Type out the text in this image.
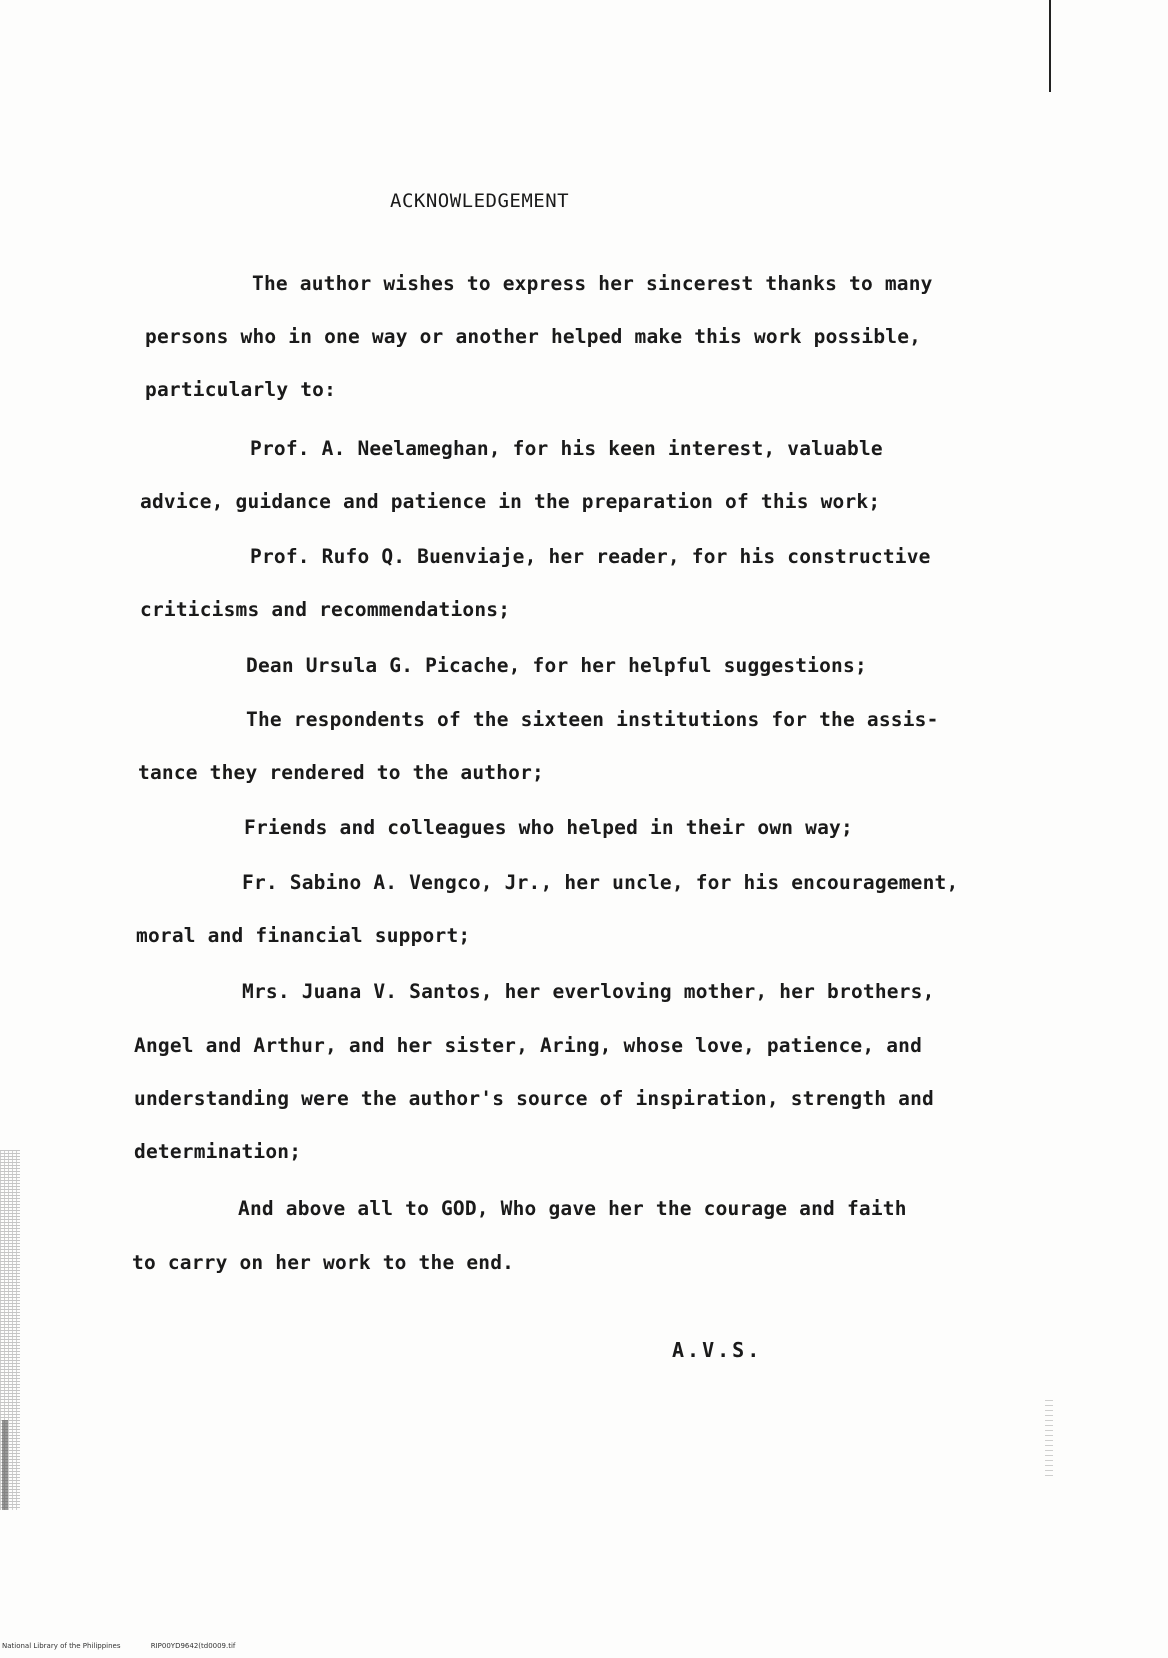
ACKNOWLEDGEMENT
The author wishes to express her sincerest thanks to many
persons who in one way or another helped make this work possible,
particularly to:
Prof. A. Neelameghan, for his keen interest, valuable
advice, guidance and patience in the preparation of this work;
Prof. Rufo Q. Buenviaje, her reader, for his constructive
criticisms and recommendations;
Dean Ursula G. Picache, for her helpful suggestions;
The respondents of the sixteen institutions for the assis-
tance they rendered to the author;
Friends and colleagues who helped in their own way;
Fr. Sabino A. Vengco, Jr., her uncle, for his encouragement,
moral and financial support;
Mrs. Juana V. Santos, her everloving mother, her brothers,
Angel and Arthur, and her sister, Aring, whose love, patience, and
understanding were the author's source of inspiration, strength and
determination;
And above all to GOD, Who gave her the courage and faith
to carry on her work to the end.
A.V.S.
National Library of the Philippines	RIP00YD9642(td0009.tif
